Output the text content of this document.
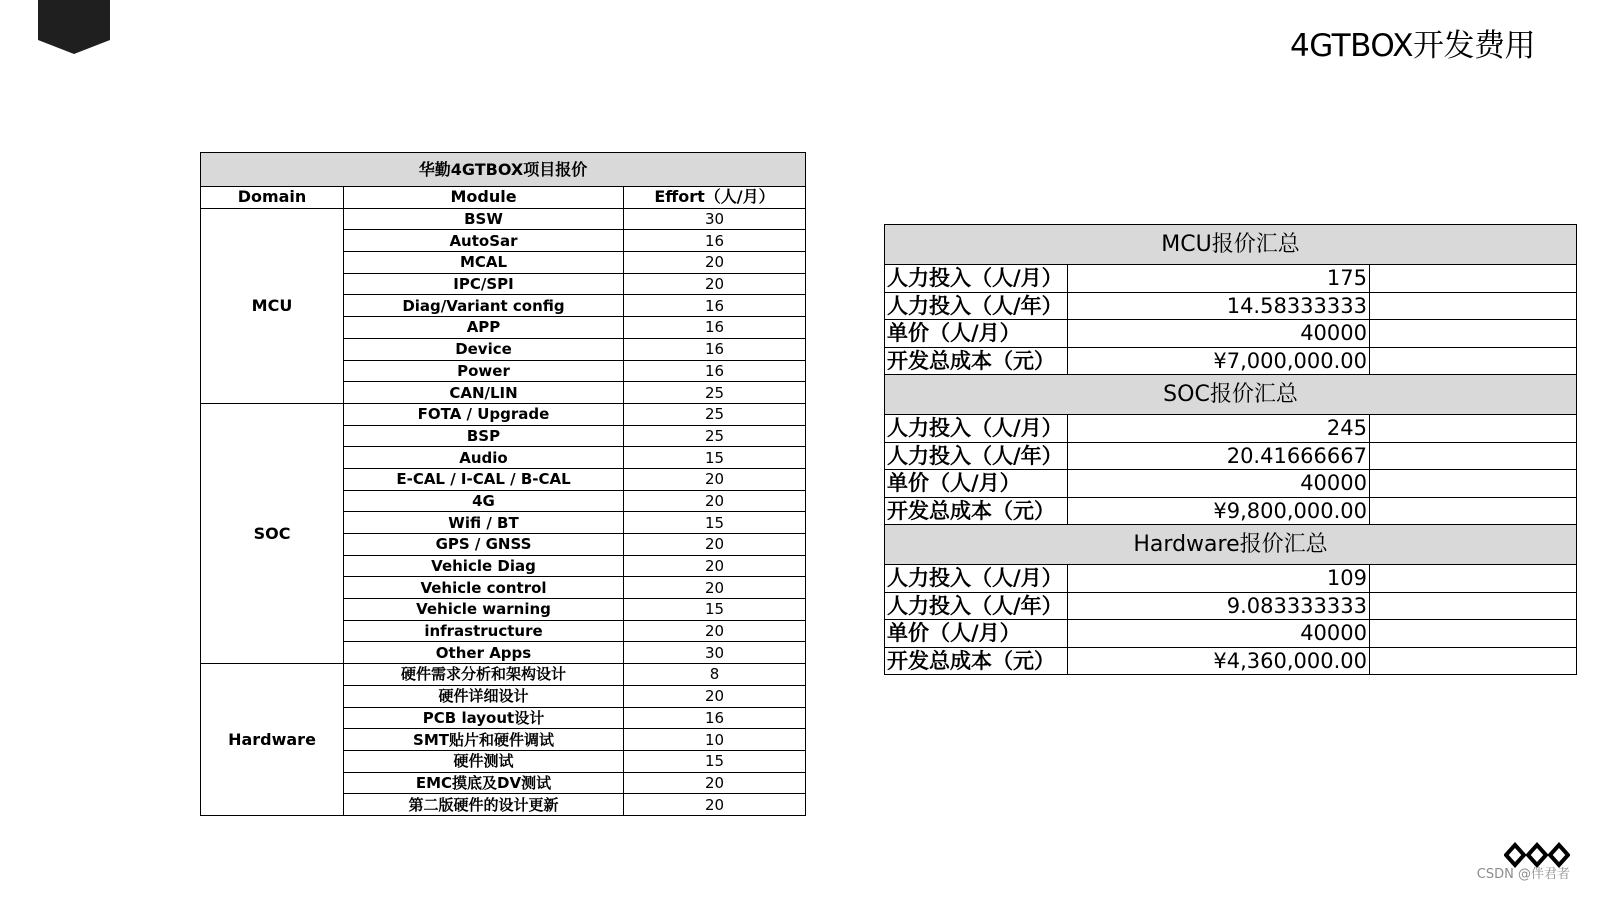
4GTBOX开发费用
华勤4GTBOX项目报价		
Domain	Module	Effort（人/月）
MCU	BSW	30
	AutoSar	16
	MCAL	20
	IPC/SPI	20
	Diag/Variant config	16
	APP	16
	Device	16
	Power	16
	CAN/LIN	25
SOC	FOTA / Upgrade	25
	BSP	25
	Audio	15
	E-CAL / I-CAL / B-CAL	20
	4G	20
	Wifi / BT	15
	GPS / GNSS	20
	Vehicle Diag	20
	Vehicle control	20
	Vehicle warning	15
	infrastructure	20
	Other Apps	30
Hardware	硬件需求分析和架构设计	8
	硬件详细设计	20
	PCB layout设计	16
	SMT贴片和硬件调试	10
	硬件测试	15
	EMC摸底及DV测试	20
	第二版硬件的设计更新	20
MCU报价汇总		
人力投入（人/月）	175	
人力投入（人/年）	14.58333333	
单价（人/月）	40000	
开发总成本（元）	¥7,000,000.00	
SOC报价汇总		
人力投入（人/月）	245	
人力投入（人/年）	20.41666667	
单价（人/月）	40000	
开发总成本（元）	¥9,800,000.00	
Hardware报价汇总		
人力投入（人/月）	109	
人力投入（人/年）	9.083333333	
单价（人/月）	40000	
开发总成本（元）	¥4,360,000.00	
CSDN @伴君者
